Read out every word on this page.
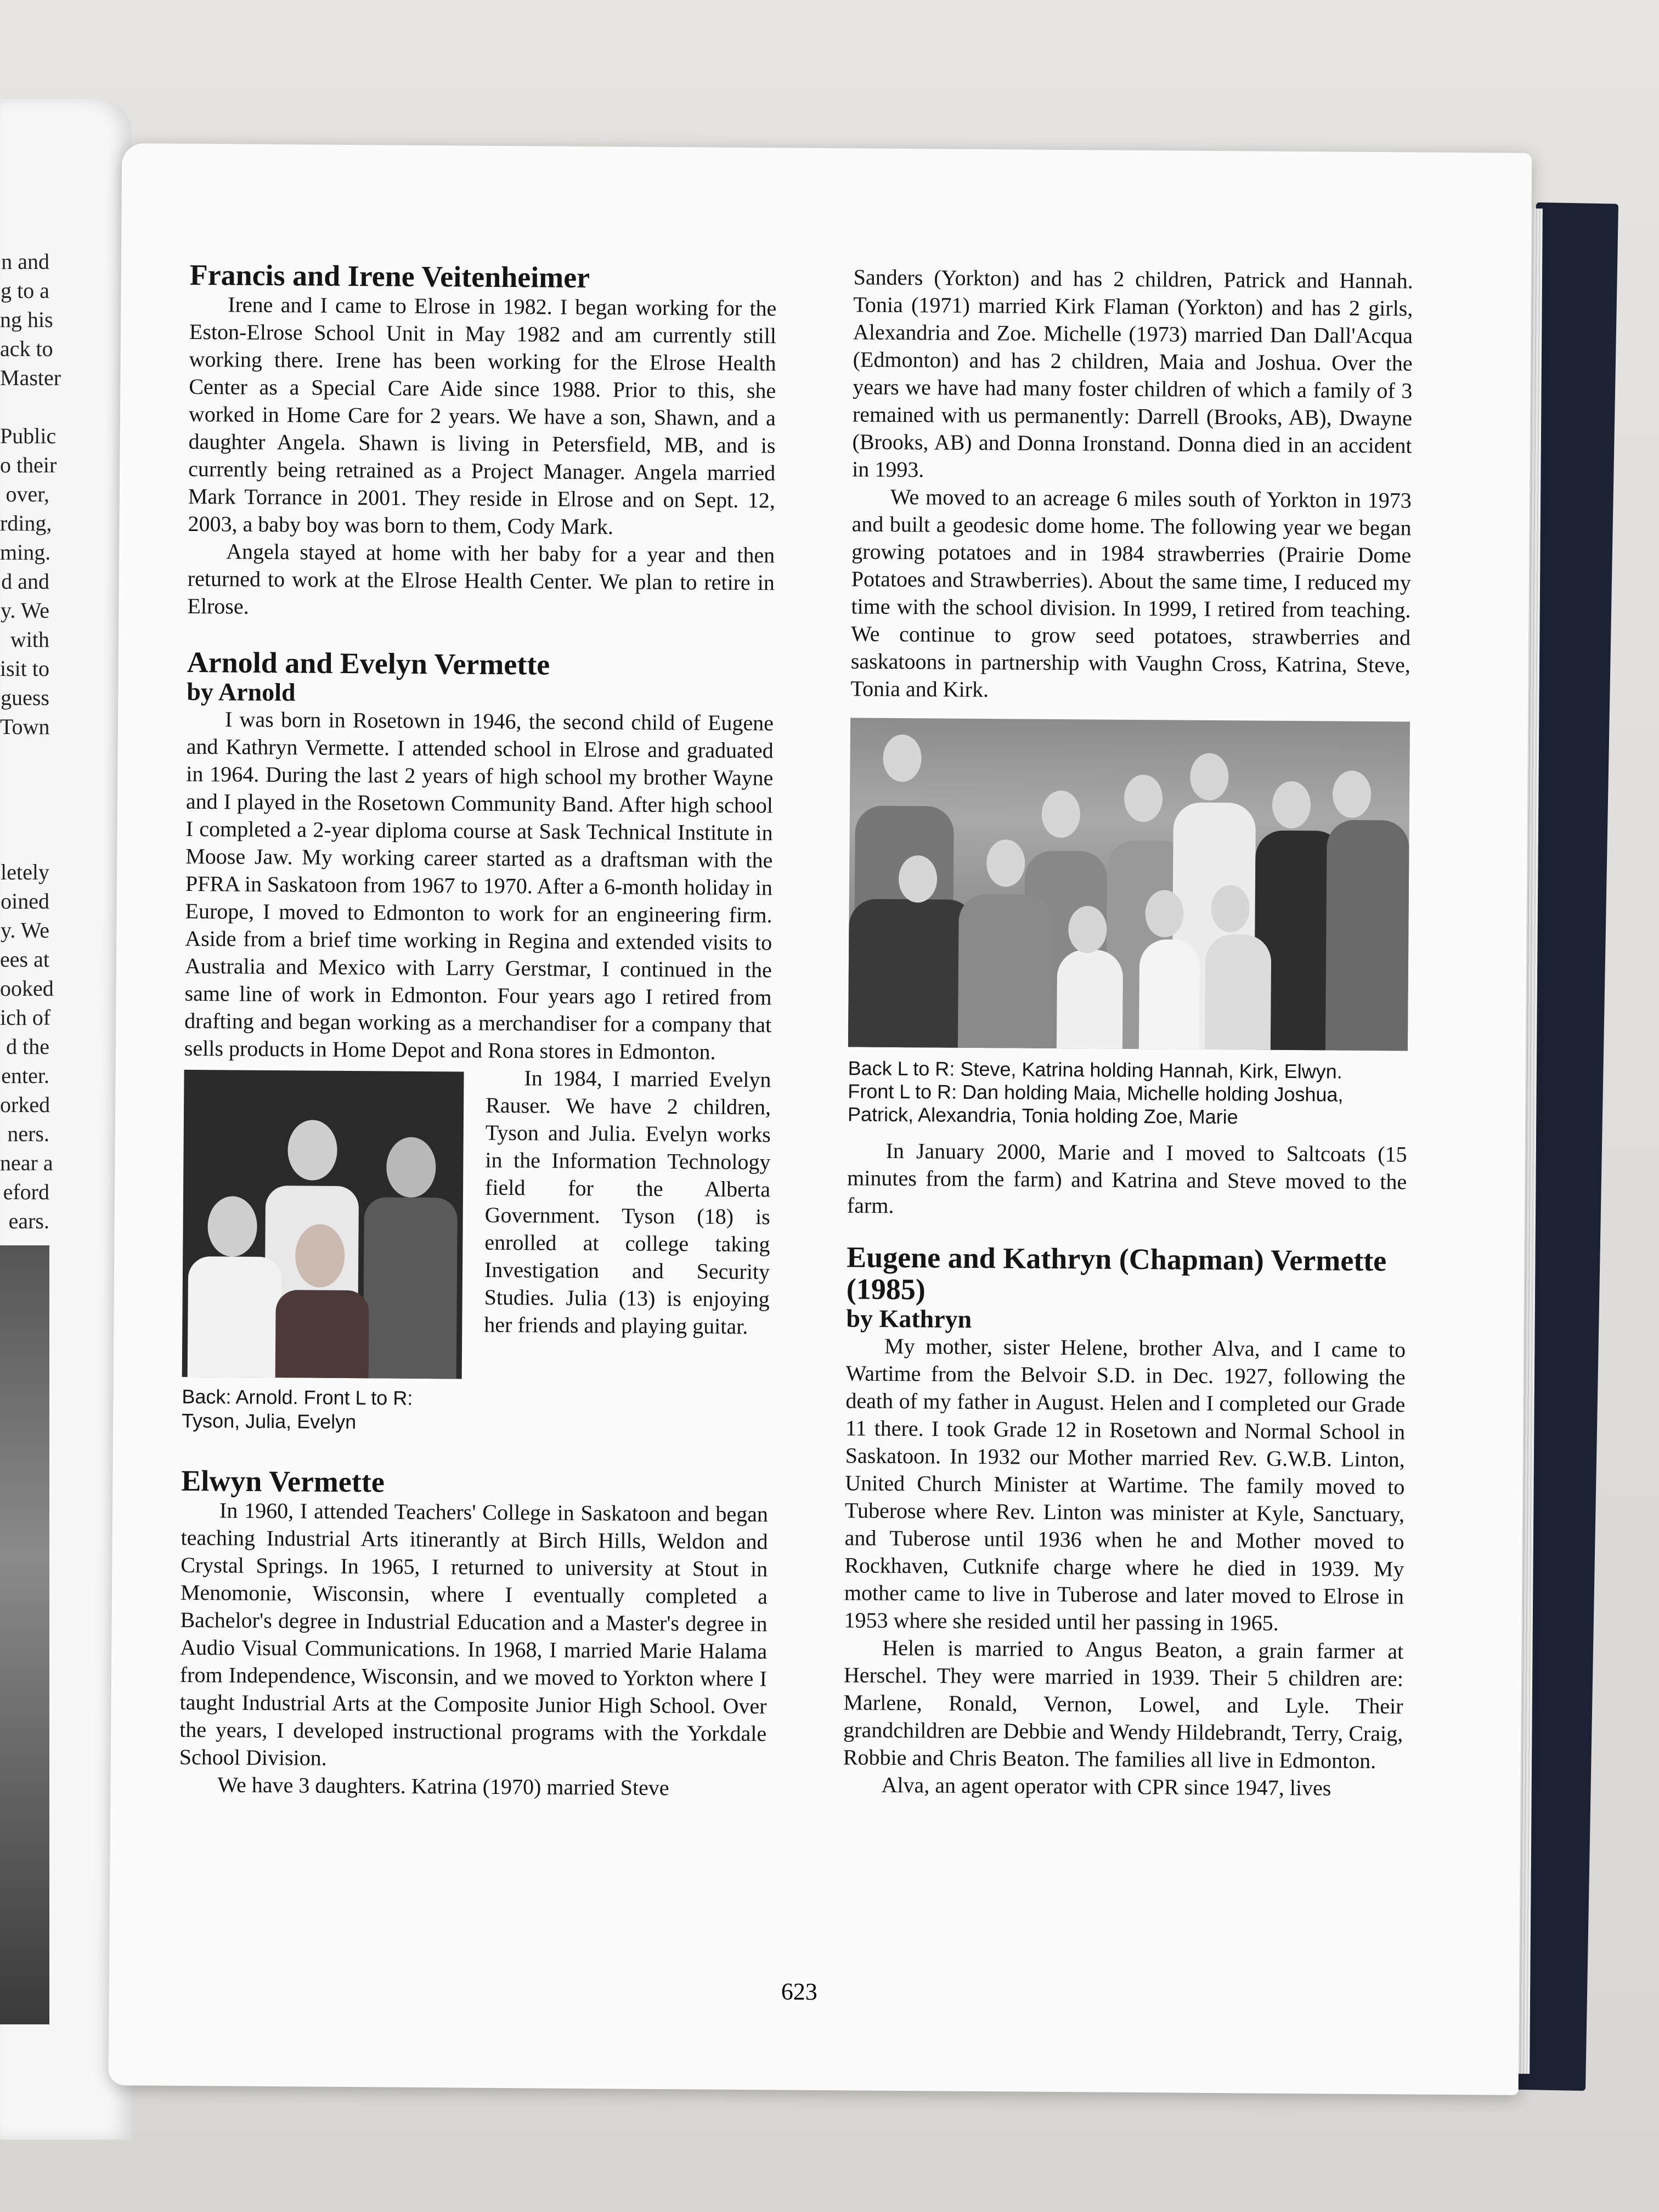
n and
g to a
ng his
ack to
Master

Public
o their
over,
rding,
ming.
d and
y. We
with
isit to
guess
Town

letely
oined
y. We
ees at
ooked
ich of
d the
enter.
orked
ners.
near a
eford
ears.
Francis and Irene Veitenheimer

Irene and I came to Elrose in 1982. I began working for the Eston-Elrose School Unit in May 1982 and am currently still working there. Irene has been working for the Elrose Health Center as a Special Care Aide since 1988. Prior to this, she worked in Home Care for 2 years. We have a son, Shawn, and a daughter Angela. Shawn is living in Petersfield, MB, and is currently being retrained as a Project Manager. Angela married Mark Torrance in 2001. They reside in Elrose and on Sept. 12, 2003, a baby boy was born to them, Cody Mark.

Angela stayed at home with her baby for a year and then returned to work at the Elrose Health Center. We plan to retire in Elrose.

Arnold and Evelyn Vermette
by Arnold

I was born in Rosetown in 1946, the second child of Eugene and Kathryn Vermette. I attended school in Elrose and graduated in 1964. During the last 2 years of high school my brother Wayne and I played in the Rosetown Community Band. After high school I completed a 2-year diploma course at Sask Technical Institute in Moose Jaw. My working career started as a draftsman with the PFRA in Saskatoon from 1967 to 1970. After a 6-month holiday in Europe, I moved to Edmonton to work for an engineering firm. Aside from a brief time working in Regina and extended visits to Australia and Mexico with Larry Gerstmar, I continued in the same line of work in Edmonton. Four years ago I retired from drafting and began working as a merchandiser for a company that sells products in Home Depot and Rona stores in Edmonton.

Back: Arnold. Front L to R: Tyson, Julia, Evelyn

In 1984, I married Evelyn Rauser. We have 2 children, Tyson and Julia. Evelyn works in the Information Technology field for the Alberta Government. Tyson (18) is enrolled at college taking Investigation and Security Studies. Julia (13) is enjoying her friends and playing guitar.

Elwyn Vermette

In 1960, I attended Teachers' College in Saskatoon and began teaching Industrial Arts itinerantly at Birch Hills, Weldon and Crystal Springs. In 1965, I returned to university at Stout in Menomonie, Wisconsin, where I eventually completed a Bachelor's degree in Industrial Education and a Master's degree in Audio Visual Communications. In 1968, I married Marie Halama from Independence, Wisconsin, and we moved to Yorkton where I taught Industrial Arts at the Composite Junior High School. Over the years, I developed instructional programs with the Yorkdale School Division.

We have 3 daughters. Katrina (1970) married Steve

Sanders (Yorkton) and has 2 children, Patrick and Hannah. Tonia (1971) married Kirk Flaman (Yorkton) and has 2 girls, Alexandria and Zoe. Michelle (1973) married Dan Dall'Acqua (Edmonton) and has 2 children, Maia and Joshua. Over the years we have had many foster children of which a family of 3 remained with us permanently: Darrell (Brooks, AB), Dwayne (Brooks, AB) and Donna Ironstand. Donna died in an accident in 1993.

We moved to an acreage 6 miles south of Yorkton in 1973 and built a geodesic dome home. The following year we began growing potatoes and in 1984 strawberries (Prairie Dome Potatoes and Strawberries). About the same time, I reduced my time with the school division. In 1999, I retired from teaching. We continue to grow seed potatoes, strawberries and saskatoons in partnership with Vaughn Cross, Katrina, Steve, Tonia and Kirk.

Back L to R: Steve, Katrina holding Hannah, Kirk, Elwyn.
Front L to R: Dan holding Maia, Michelle holding Joshua,
Patrick, Alexandria, Tonia holding Zoe, Marie

In January 2000, Marie and I moved to Saltcoats (15 minutes from the farm) and Katrina and Steve moved to the farm.

Eugene and Kathryn (Chapman) Vermette (1985)
by Kathryn

My mother, sister Helene, brother Alva, and I came to Wartime from the Belvoir S.D. in Dec. 1927, following the death of my father in August. Helen and I completed our Grade 11 there. I took Grade 12 in Rosetown and Normal School in Saskatoon. In 1932 our Mother married Rev. G.W.B. Linton, United Church Minister at Wartime. The family moved to Tuberose where Rev. Linton was minister at Kyle, Sanctuary, and Tuberose until 1936 when he and Mother moved to Rockhaven, Cutknife charge where he died in 1939. My mother came to live in Tuberose and later moved to Elrose in 1953 where she resided until her passing in 1965.

Helen is married to Angus Beaton, a grain farmer at Herschel. They were married in 1939. Their 5 children are: Marlene, Ronald, Vernon, Lowel, and Lyle. Their grandchildren are Debbie and Wendy Hildebrandt, Terry, Craig, Robbie and Chris Beaton. The families all live in Edmonton.

Alva, an agent operator with CPR since 1947, lives

623
